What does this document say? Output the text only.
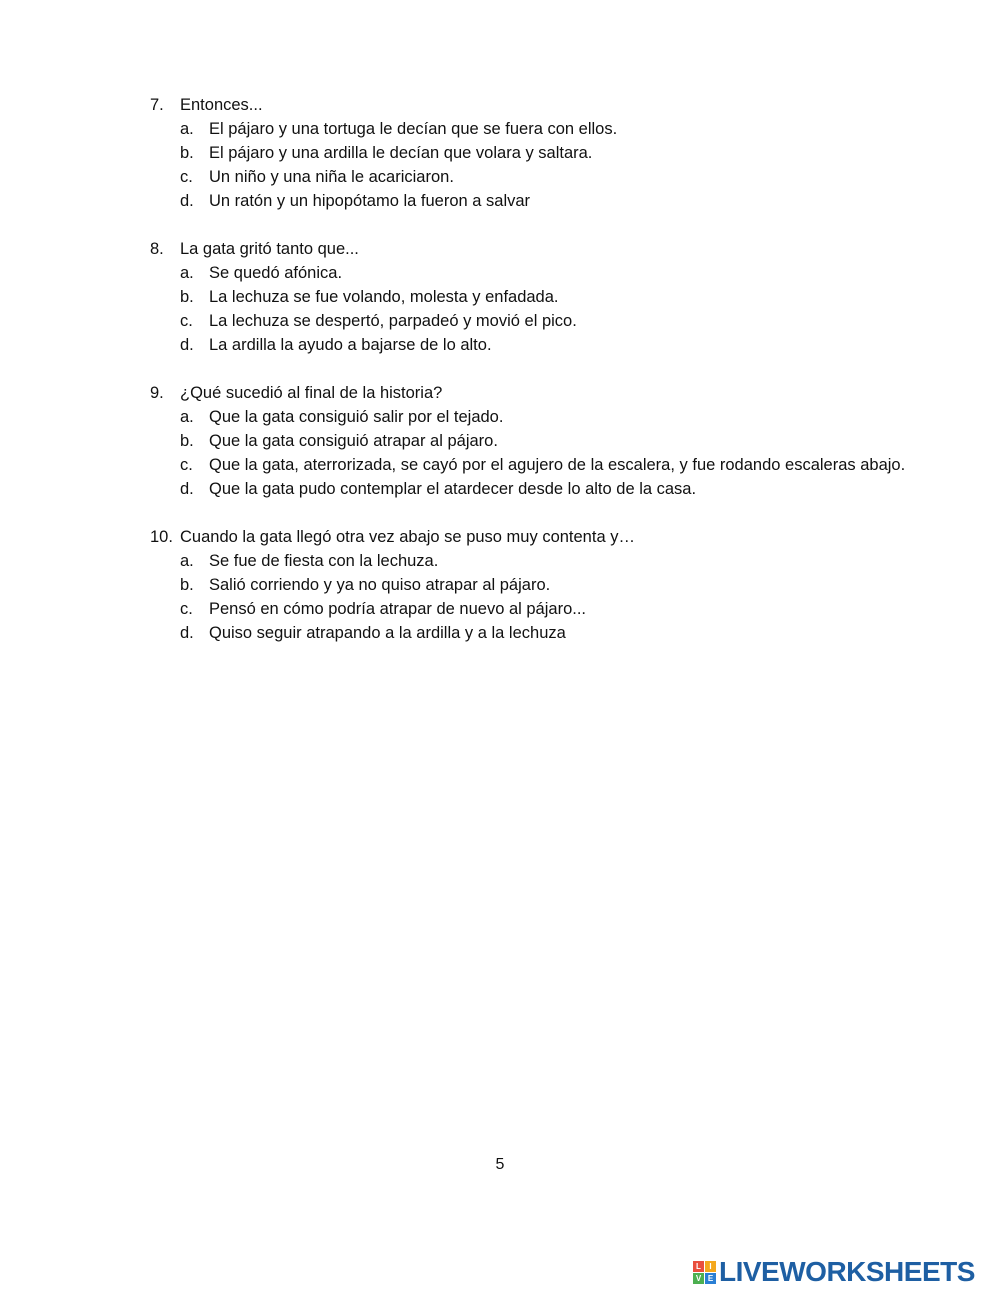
7. Entonces...
a. El pájaro y una tortuga le decían que se fuera con ellos.
b. El pájaro y una ardilla le decían que volara y saltara.
c. Un niño y una niña le acariciaron.
d. Un ratón y un hipopótamo la fueron a salvar
8. La gata gritó tanto que...
a. Se quedó afónica.
b. La lechuza se fue volando, molesta y enfadada.
c. La lechuza se despertó, parpadeó y movió el pico.
d. La ardilla la ayudo a bajarse de lo alto.
9. ¿Qué sucedió al final de la historia?
a. Que la gata consiguió salir por el tejado.
b. Que la gata consiguió atrapar al pájaro.
c. Que la gata, aterrorizada, se cayó por el agujero de la escalera, y fue rodando escaleras abajo.
d. Que la gata pudo contemplar el atardecer desde lo alto de la casa.
10. Cuando la gata llegó otra vez abajo se puso muy contenta y…
a. Se fue de fiesta con la lechuza.
b. Salió corriendo y ya no quiso atrapar al pájaro.
c. Pensó en cómo podría atrapar de nuevo al pájaro...
d. Quiso seguir atrapando a la ardilla y a la lechuza
5
L	I
V E LIVEWORKSHEETS
